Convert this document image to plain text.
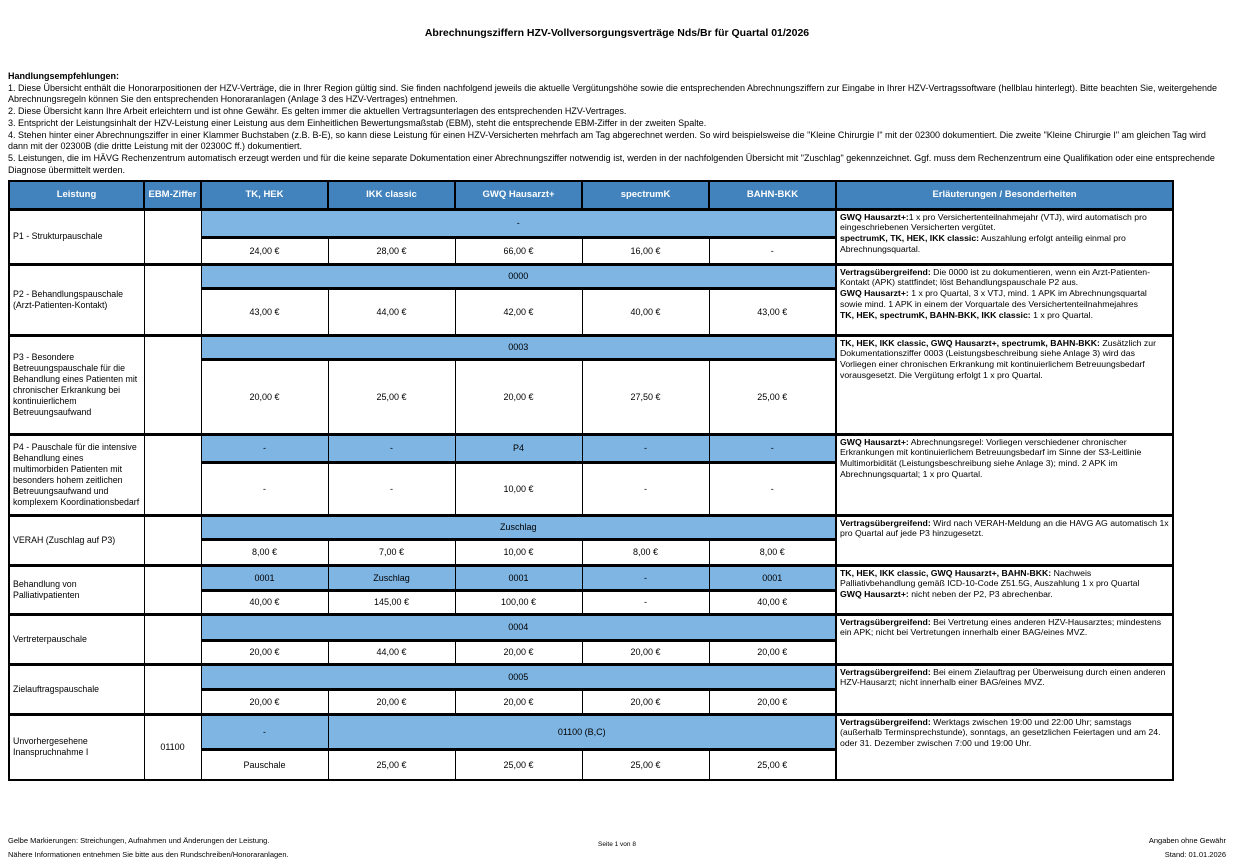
Abrechnungsziffern HZV-Vollversorgungsverträge Nds/Br für Quartal 01/2026
Handlungsempfehlungen:
1. Diese Übersicht enthält die Honorarpositionen der HZV-Verträge, die in Ihrer Region gültig sind. Sie finden nachfolgend jeweils die aktuelle Vergütungshöhe sowie die entsprechenden Abrechnungsziffern zur Eingabe in Ihrer HZV-Vertragssoftware (hellblau hinterlegt). Bitte beachten Sie, weitergehende Abrechnungsregeln können Sie den entsprechenden Honoraranlagen (Anlage 3 des HZV-Vertrages) entnehmen.
2. Diese Übersicht kann Ihre Arbeit erleichtern und ist ohne Gewähr. Es gelten immer die aktuellen Vertragsunterlagen des entsprechenden HZV-Vertrages.
3. Entspricht der Leistungsinhalt der HZV-Leistung einer Leistung aus dem Einheitlichen Bewertungsmaßstab (EBM), steht die entsprechende EBM-Ziffer in der zweiten Spalte.
4. Stehen hinter einer Abrechnungsziffer in einer Klammer Buchstaben (z.B. B-E), so kann diese Leistung für einen HZV-Versicherten mehrfach am Tag abgerechnet werden. So wird beispielsweise die "Kleine Chirurgie I" mit der 02300 dokumentiert. Die zweite "Kleine Chirurgie I" am gleichen Tag wird dann mit der 02300B (die dritte Leistung mit der 02300C ff.) dokumentiert.
5. Leistungen, die im HÄVG Rechenzentrum automatisch erzeugt werden und für die keine separate Dokumentation einer Abrechnungsziffer notwendig ist, werden in der nachfolgenden Übersicht mit "Zuschlag" gekennzeichnet. Ggf. muss dem Rechenzentrum eine Qualifikation oder eine entsprechende Diagnose übermittelt werden.
Leistung	EBM-Ziffer	TK, HEK	IKK classic	GWQ Hausarzt+	spectrumK	BAHN-BKK	Erläuterungen / Besonderheiten
P1 - Strukturpauschale		-					GWQ Hausarzt+:1 x pro Versichertenteilnahmejahr (VTJ), wird automatisch pro eingeschriebenen Versicherten vergütet.
spectrumK, TK, HEK, IKK classic: Auszahlung erfolgt anteilig einmal pro Abrechnungsquartal.

		24,00 €	28,00 €	66,00 €	16,00 €	-	
P2 - Behandlungspauschale (Arzt-Patienten-Kontakt)		0000					Vertragsübergreifend: Die 0000 ist zu dokumentieren, wenn ein Arzt-Patienten-Kontakt (APK) stattfindet; löst Behandlungspauschale P2 aus.
GWQ Hausarzt+: 1 x pro Quartal, 3 x VTJ, mind. 1 APK im Abrechnungsquartal sowie mind. 1 APK in einem der Vorquartale des Versichertenteilnahmejahres
TK, HEK, spectrumK, BAHN-BKK, IKK classic: 1 x pro Quartal.

		43,00 €	44,00 €	42,00 €	40,00 €	43,00 €	
P3 - Besondere Betreuungspauschale für die Behandlung eines Patienten mit chronischer Erkrankung bei kontinuierlichem Betreuungsaufwand		0003					TK, HEK, IKK classic, GWQ Hausarzt+, spectrumk, BAHN-BKK: Zusätzlich zur Dokumentationsziffer 0003 (Leistungsbeschreibung siehe Anlage 3) wird das Vorliegen einer chronischen Erkrankung mit kontinuierlichem Betreuungsbedarf vorausgesetzt. Die Vergütung erfolgt 1 x pro Quartal.

		20,00 €	25,00 €	20,00 €	27,50 €	25,00 €	
P4 - Pauschale für die intensive Behandlung eines multimorbiden Patienten mit besonders hohem zeitlichen Betreuungsaufwand und komplexem Koordinationsbedarf		-	-	P4	-	-	GWQ Hausarzt+: Abrechnungsregel: Vorliegen verschiedener chronischer Erkrankungen mit kontinuierlichem Betreuungsbedarf im Sinne der S3-Leitlinie Multimorbidität (Leistungsbeschreibung siehe Anlage 3); mind. 2 APK im Abrechnungsquartal; 1 x pro Quartal.

		-	-	10,00 €	-	-	
VERAH (Zuschlag auf P3)		Zuschlag					Vertragsübergreifend: Wird nach VERAH-Meldung an die HAVG AG automatisch 1x pro Quartal auf jede P3 hinzugesetzt.

		8,00 €	7,00 €	10,00 €	8,00 €	8,00 €	
Behandlung von Palliativpatienten		0001	Zuschlag	0001	-	0001	TK, HEK, IKK classic, GWQ Hausarzt+, BAHN-BKK: Nachweis Palliativbehandlung gemäß ICD-10-Code Z51.5G, Auszahlung 1 x pro Quartal
GWQ Hausarzt+: nicht neben der P2, P3 abrechenbar.

		40,00 €	145,00 €	100,00 €	-	40,00 €	
Vertreterpauschale		0004					Vertragsübergreifend: Bei Vertretung eines anderen HZV-Hausarztes; mindestens ein APK; nicht bei Vertretungen innerhalb einer BAG/eines MVZ.

		20,00 €	44,00 €	20,00 €	20,00 €	20,00 €	
Zielauftragspauschale		0005					Vertragsübergreifend: Bei einem Zielauftrag per Überweisung durch einen anderen HZV-Hausarzt; nicht innerhalb einer BAG/eines MVZ.

		20,00 €	20,00 €	20,00 €	20,00 €	20,00 €	
Unvorhergesehene Inanspruchnahme I	01100	-	01100 (B,C)				Vertragsübergreifend: Werktags zwischen 19:00 und 22:00 Uhr; samstags (außerhalb Terminsprechstunde), sonntags, an gesetzlichen Feiertagen und am 24. oder 31. Dezember zwischen 7:00 und 19:00 Uhr.

		Pauschale	25,00 €	25,00 €	25,00 €	25,00 €	
Gelbe Markierungen: Streichungen, Aufnahmen und Änderungen der Leistung.
Nähere Informationen entnehmen Sie bitte aus den Rundschreiben/Honoraranlagen.
Seite 1 von 8	Angaben ohne Gewähr
Stand: 01.01.2026
